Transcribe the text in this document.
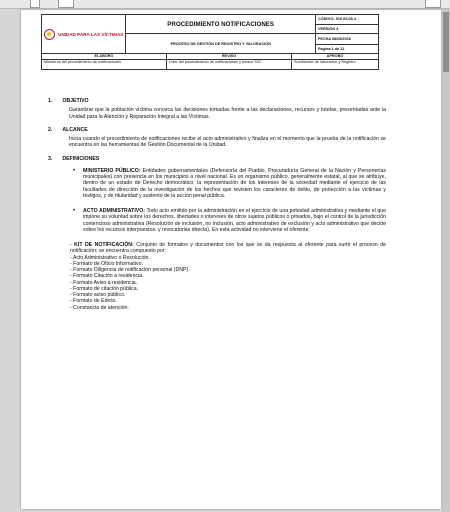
UNIDAD PARA LAS VÍCTIMAS	PROCEDIMIENTO NOTIFICACIONES	CÓDIGO: 510,05,08-4
		VERSIÓN 4
	PROCESO DE GESTIÓN DE REGISTRO Y VALORACIÓN	FECHA 08/08/2016
		Página 1 de 12
ELABORÓ	REVISÓ	APROBÓ
Miembros del procedimiento de notificaciones	Líder del procedimiento de notificaciones y enlace SIG	Subdirector de Valoración y Registro
1. OBJETIVO

Garantizar que la población víctima conozca las decisiones tomadas frente a las declaraciones, recursos y tutelas, presentadas ante la Unidad para la Atención y Reparación Integral a las Víctimas.

2. ALCANCE

Inicia cuando el procedimiento de notificaciones recibe el acto administrativo y finaliza en el momento que la prueba de la notificación se encuentra en las herramientas de Gestión Documental de la Unidad.

3. DEFINICIONES
• MINISTERIO PÚBLICO: Entidades gubernamentales (Defensoría del Pueblo, Procuraduría General de la Nación y Personerías municipales) con presencia en los municipios a nivel nacional. Es un organismo público, generalmente estatal, al que se atribuye, dentro de un estado de Derecho democrático, la representación de los intereses de la sociedad mediante el ejercicio de las facultades de dirección de la investigación de los hechos que revisten los caracteres de delito, de protección a las víctimas y testigos, y de titularidad y sustento de la acción penal pública.
• ACTO ADMINISTRATIVO: Todo acto emitido por la administración en el ejercicio de una potestad administrativa y mediante el que impone su voluntad sobre los derechos, libertades o intereses de otros sujetos públicos o privados, bajo el control de la jurisdicción contencioso administrativa (Resolución de inclusión, no inclusión, acto administrativo de exclusión y acto administrativo que decide sobre los recursos interpuestos. y revocatorias directa). En esta actividad no interviene el oferente.
- KIT DE NOTIFICACIÓN: Conjunto de formatos y documentos con los que se da respuesta al oferente para surtir el proceso de notificación; se encuentra compuesto por:
- Acto Administrativo o Resolución.
- Formato de Oficio Informativo.
- Formato Diligencia de notificación personal (DNP).
- Formato Citación a residencia.
- Formato Aviso a residencia.
- Formato de citación pública.
- Formato aviso público.
- Formato de Edicto.
- Constancia de atención.
